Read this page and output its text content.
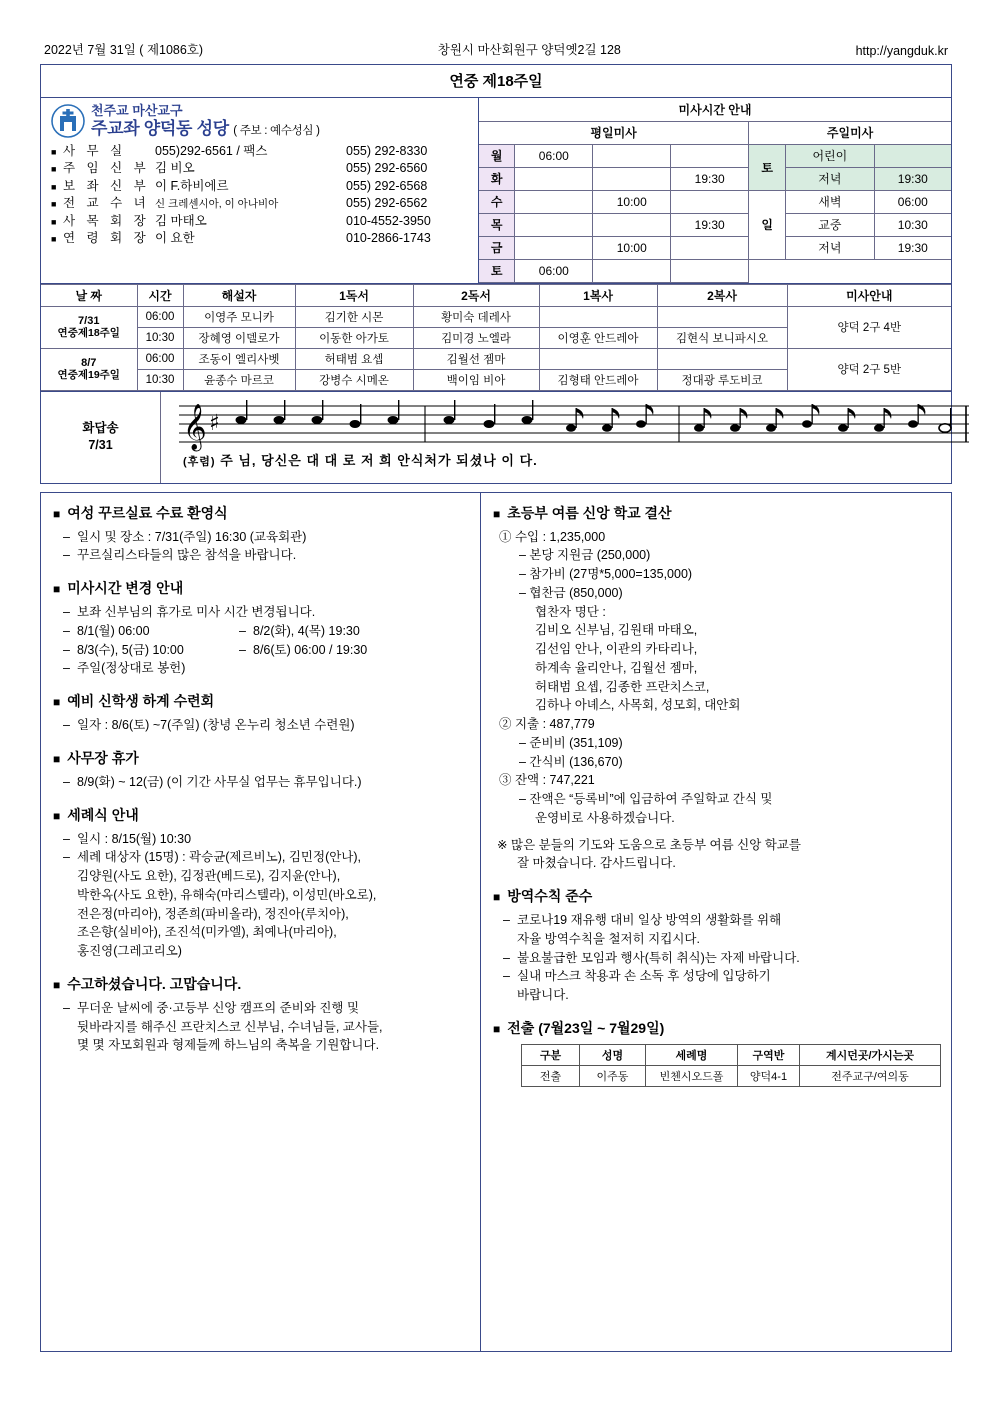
2022년 7월 31일 ( 제1086호)	창원시 마산회원구 양덕옛2길 128	http://yangduk.kr
연중 제18주일
천주교 마산교구
주교좌 양덕동 성당 ( 주보 : 예수성심 )
■ 사 무 실	055)292-6561 / 팩스	055) 292-8330
■ 주 임 신 부 김 비오	055) 292-6560
■ 보 좌 신 부 이 F.하비에르	055) 292-6568
■ 전 교 수 녀 신 크레센시아, 이 아나비아	055) 292-6562
■ 사 목 회 장 김 마태오	010-4552-3950
■ 연 령 회 장 이 요한	010-2866-1743
미사시간 안내						
평일미사				주일미사		
월	06:00			토	어린이	
화			19:30		저녁	19:30
수		10:00		일	새벽	06:00
목			19:30		교중	10:30
금		10:00			저녁	19:30
토	06:00					
날 짜	시간	해설자	1독서	2독서	1복사	2복사	미사안내

7/31
연중제18주일	06:00	이영주 모니카	김기한 시몬	황미숙 데레사			양덕 2구 4반
	10:30	장혜영 이델로가	이동한 아가토	김미경 노엘라	이영훈 안드레아	김현식 보니파시오	

8/7
연중제19주일	06:00	조동이 엘리사벳	허태범 요셉	김월선 젬마			양덕 2구 5반
	10:30	윤종수 마르코	강병수 시메온	백이임 비아	김형태 안드레아	정대광 루도비코	
화답송
7/31 𝄞 ♯
(후렴) 주 님, 당신은 대 대 로 저 희 안식처가 되셨나 이 다.
■ 여성 꾸르실료 수료 환영식
– 일시 및 장소 : 7/31(주일) 16:30 (교육회관)
– 꾸르실리스타들의 많은 참석을 바랍니다.
■ 미사시간 변경 안내
– 보좌 신부님의 휴가로 미사 시간 변경됩니다.
– 8/1(월) 06:00	– 8/2(화), 4(목) 19:30
– 8/3(수), 5(금) 10:00	– 8/6(토) 06:00 / 19:30
– 주일(정상대로 봉헌)
■ 예비 신학생 하계 수련회
– 일자 : 8/6(토) ~7(주일) (창녕 온누리 청소년 수련원)
■ 사무장 휴가
– 8/9(화) ~ 12(금) (이 기간 사무실 업무는 휴무입니다.)
■ 세례식 안내
– 일시 : 8/15(월) 10:30
– 세례 대상자 (15명) : 곽승균(제르비노), 김민정(안나),
김양원(사도 요한), 김정관(베드로), 김지윤(안나),
박한옥(사도 요한), 유해숙(마리스텔라), 이성민(바오로),
전은정(마리아), 정존희(파비올라), 정진아(루치아),
조은향(실비아), 조진석(미카엘), 최예나(마리아),
홍진영(그레고리오)
■ 수고하셨습니다. 고맙습니다.
– 무더운 날씨에 중·고등부 신앙 캠프의 준비와 진행 및
뒷바라지를 해주신 프란치스코 신부님, 수녀님들, 교사들,
몇 몇 자모회원과 형제들께 하느님의 축복을 기원합니다.
■ 초등부 여름 신앙 학교 결산
① 수입 : 1,235,000
– 본당 지원금 (250,000)
– 참가비 (27명*5,000=135,000)
– 협찬금 (850,000)
협찬자 명단 :
김비오 신부님, 김원태 마태오,
김선임 안나, 이관의 카타리나,
하계속 율리안나, 김월선 젬마,
허태범 요셉, 김종한 프란치스코,
김하나 아녜스, 사목회, 성모회, 대안회
② 지출 : 487,779
– 준비비 (351,109)
– 간식비 (136,670)
③ 잔액 : 747,221
– 잔액은 “등록비”에 입금하여 주일학교 간식 및
운영비로 사용하겠습니다.
※ 많은 분들의 기도와 도움으로 초등부 여름 신앙 학교를
잘 마쳤습니다. 감사드립니다.
■ 방역수칙 준수
– 코로나19 재유행 대비 일상 방역의 생활화를 위해
자율 방역수칙을 철저히 지킵시다.
– 불요불급한 모임과 행사(특히 취식)는 자제 바랍니다.
– 실내 마스크 착용과 손 소독 후 성당에 입당하기
바랍니다.
■ 전출 (7월23일 ~ 7월29일)
구분	성명	세례명	구역반	계시던곳/가시는곳
전출	이주동	빈첸시오드폴	양덕4-1	전주교구/여의동
